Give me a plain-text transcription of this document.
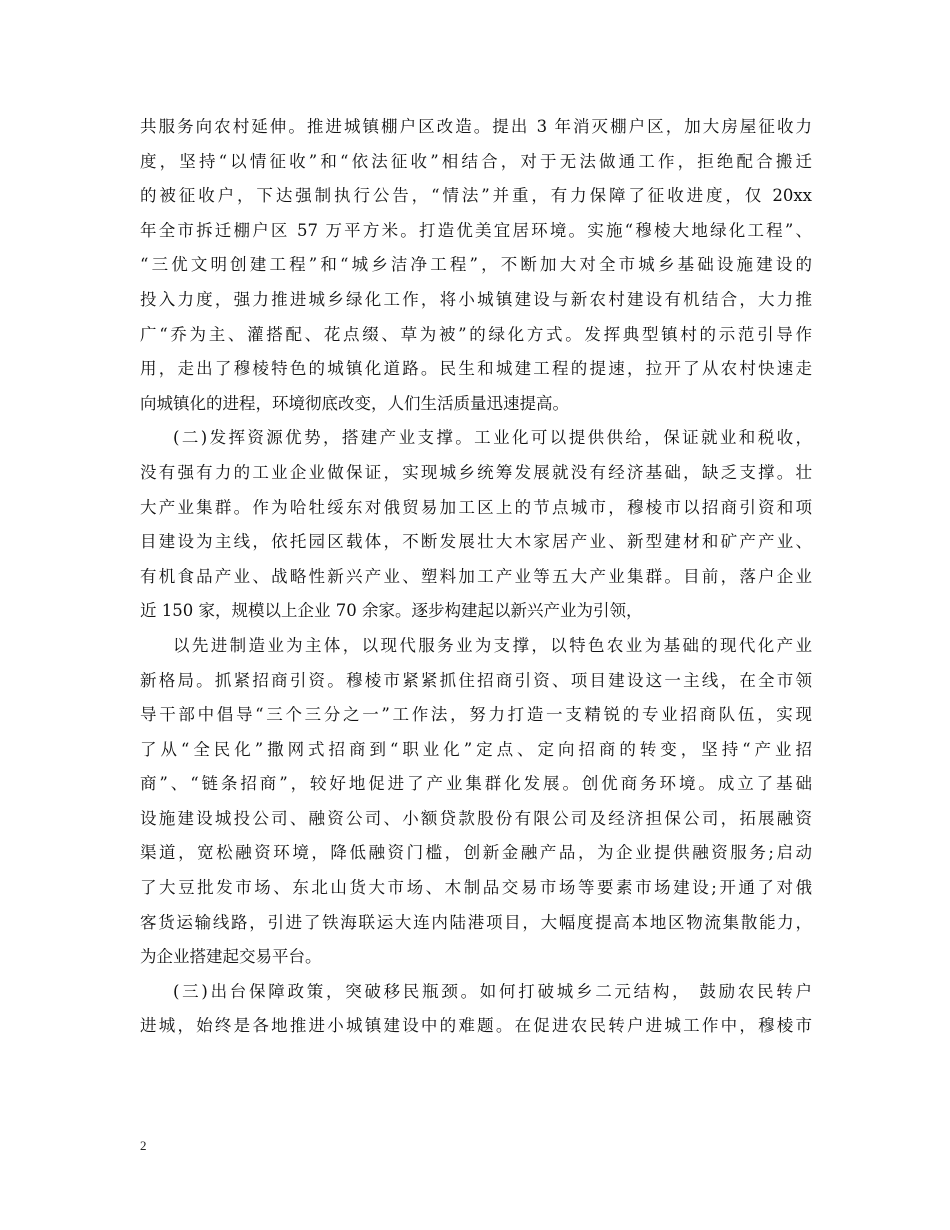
共服务向农村延伸。推进城镇棚户区改造。提出 3 年消灭棚户区，加大房屋征收力
度，坚持“以情征收”和“依法征收”相结合，对于无法做通工作，拒绝配合搬迁
的被征收户，下达强制执行公告，“情法”并重，有力保障了征收进度，仅 20xx
年全市拆迁棚户区 57 万平方米。打造优美宜居环境。实施“穆棱大地绿化工程”、
“三优文明创建工程”和“城乡洁净工程”，不断加大对全市城乡基础设施建设的
投入力度，强力推进城乡绿化工作，将小城镇建设与新农村建设有机结合，大力推
广“乔为主、灌搭配、花点缀、草为被”的绿化方式。发挥典型镇村的示范引导作
用，走出了穆棱特色的城镇化道路。民生和城建工程的提速，拉开了从农村快速走
向城镇化的进程，环境彻底改变，人们生活质量迅速提高。
(二)发挥资源优势，搭建产业支撑。工业化可以提供供给，保证就业和税收，
没有强有力的工业企业做保证，实现城乡统筹发展就没有经济基础，缺乏支撑。壮
大产业集群。作为哈牡绥东对俄贸易加工区上的节点城市，穆棱市以招商引资和项
目建设为主线，依托园区载体，不断发展壮大木家居产业、新型建材和矿产产业、
有机食品产业、战略性新兴产业、塑料加工产业等五大产业集群。目前，落户企业
近 150 家，规模以上企业 70 余家。逐步构建起以新兴产业为引领，
以先进制造业为主体，以现代服务业为支撑，以特色农业为基础的现代化产业
新格局。抓紧招商引资。穆棱市紧紧抓住招商引资、项目建设这一主线，在全市领
导干部中倡导“三个三分之一”工作法，努力打造一支精锐的专业招商队伍，实现
了从“全民化”撒网式招商到“职业化”定点、定向招商的转变，坚持“产业招
商”、“链条招商”，较好地促进了产业集群化发展。创优商务环境。成立了基础
设施建设城投公司、融资公司、小额贷款股份有限公司及经济担保公司，拓展融资
渠道，宽松融资环境，降低融资门槛，创新金融产品，为企业提供融资服务;启动
了大豆批发市场、东北山货大市场、木制品交易市场等要素市场建设;开通了对俄
客货运输线路，引进了铁海联运大连内陆港项目，大幅度提高本地区物流集散能力，
为企业搭建起交易平台。
(三)出台保障政策，突破移民瓶颈。如何打破城乡二元结构， 鼓励农民转户
进城，始终是各地推进小城镇建设中的难题。在促进农民转户进城工作中，穆棱市
2
